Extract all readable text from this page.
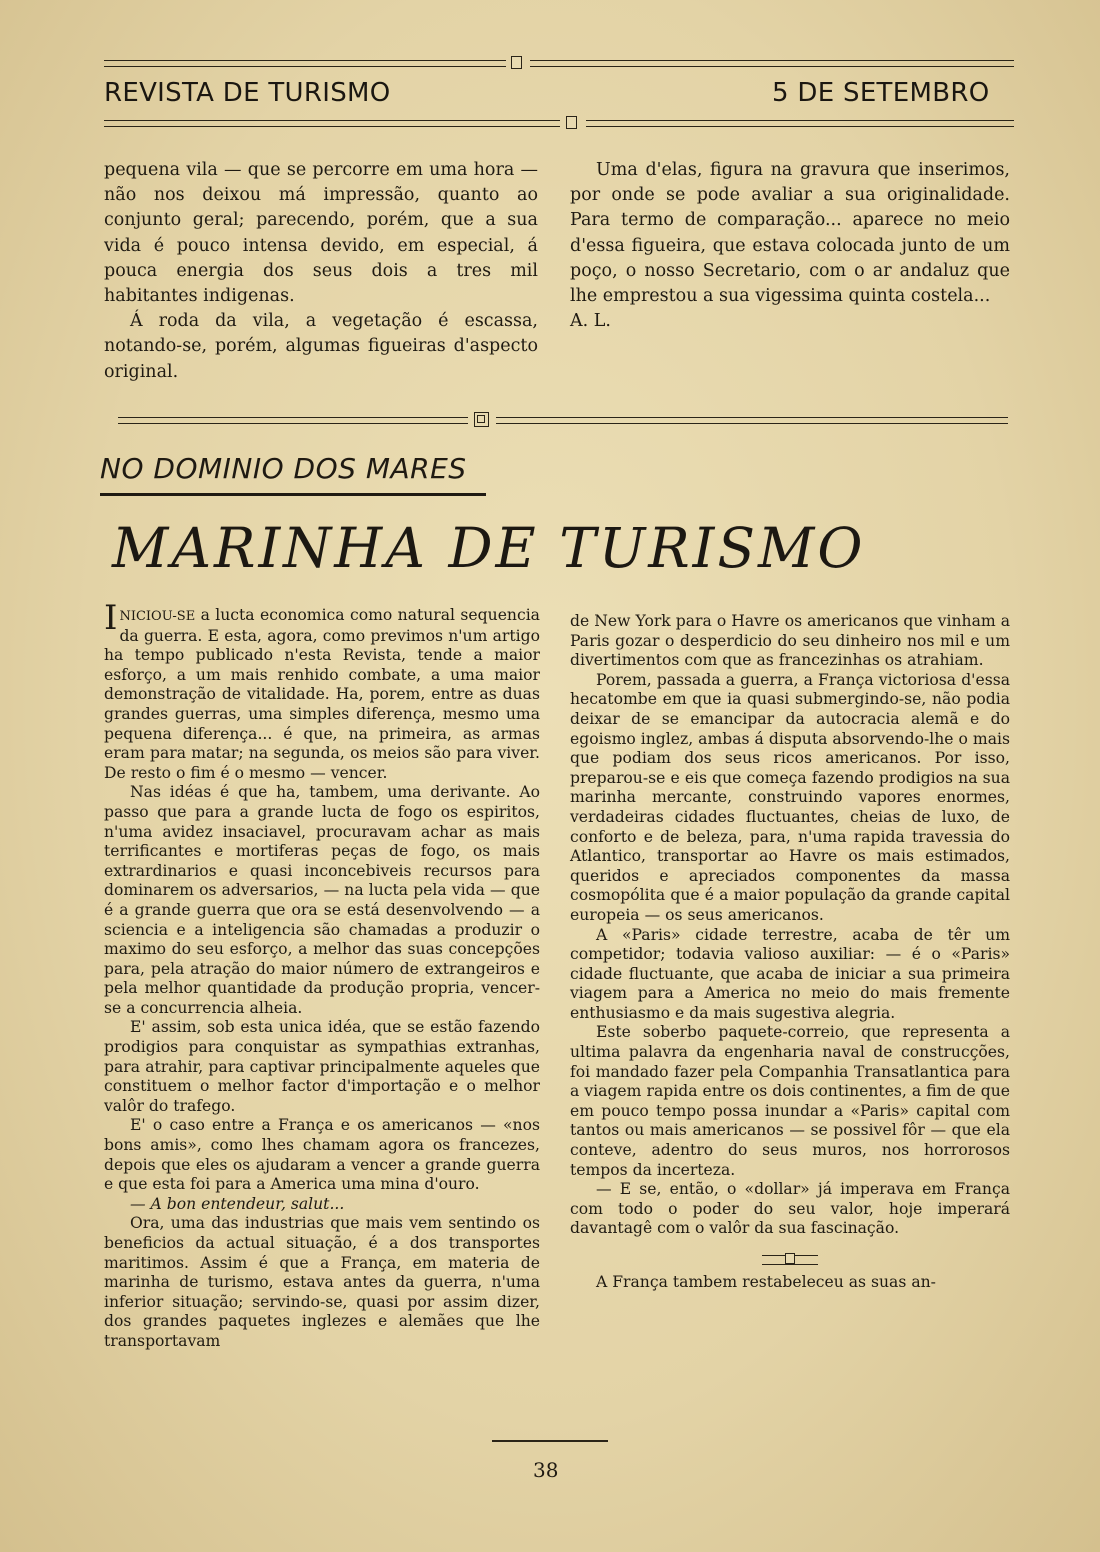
REVISTA DE TURISMO	5 DE SETEMBRO

pequena vila — que se percorre em uma hora — não nos deixou má impressão, quanto ao conjunto geral; parecendo, porém, que a sua vida é pouco intensa devido, em especial, á pouca energia dos seus dois a tres mil habitantes indigenas.

Á roda da vila, a vegetação é escassa, notando-se, porém, algumas figueiras d'aspecto original.

Uma d'elas, figura na gravura que inserimos, por onde se pode avaliar a sua originalidade. Para termo de comparação... aparece no meio d'essa figueira, que estava colocada junto de um poço, o nosso Secretario, com o ar andaluz que lhe emprestou a sua vigessima quinta costela...

A. L.

NO DOMINIO DOS MARES
MARINHA DE TURISMO

INICIOU-SE a lucta economica como natural sequencia da guerra. E esta, agora, como previmos n'um artigo ha tempo publicado n'esta Revista, tende a maior esforço, a um mais renhido combate, a uma maior demonstração de vitalidade. Ha, porem, entre as duas grandes guerras, uma simples diferença, mesmo uma pequena diferença... é que, na primeira, as armas eram para matar; na segunda, os meios são para viver. De resto o fim é o mesmo — vencer.

Nas idéas é que ha, tambem, uma derivante. Ao passo que para a grande lucta de fogo os espiritos, n'uma avidez insaciavel, procuravam achar as mais terrificantes e mortiferas peças de fogo, os mais extrardinarios e quasi inconcebiveis recursos para dominarem os adversarios, — na lucta pela vida — que é a grande guerra que ora se está desenvolvendo — a sciencia e a inteligencia são chamadas a produzir o maximo do seu esforço, a melhor das suas concepções para, pela atração do maior número de extrangeiros e pela melhor quantidade da produção propria, vencer-se a concurrencia alheia.

E' assim, sob esta unica idéa, que se estão fazendo prodigios para conquistar as sympathias extranhas, para atrahir, para captivar principalmente aqueles que constituem o melhor factor d'importação e o melhor valôr do trafego.

E' o caso entre a França e os americanos — «nos bons amis», como lhes chamam agora os francezes, depois que eles os ajudaram a vencer a grande guerra e que esta foi para a America uma mina d'ouro.

— A bon entendeur, salut...

Ora, uma das industrias que mais vem sentindo os beneficios da actual situação, é a dos transportes maritimos. Assim é que a França, em materia de marinha de turismo, estava antes da guerra, n'uma inferior situação; servindo-se, quasi por assim dizer, dos grandes paquetes inglezes e alemães que lhe transportavam

de New York para o Havre os americanos que vinham a Paris gozar o desperdicio do seu dinheiro nos mil e um divertimentos com que as francezinhas os atrahiam.

Porem, passada a guerra, a França victoriosa d'essa hecatombe em que ia quasi submergindo-se, não podia deixar de se emancipar da autocracia alemã e do egoismo inglez, ambas á disputa absorvendo-lhe o mais que podiam dos seus ricos americanos. Por isso, preparou-se e eis que começa fazendo prodigios na sua marinha mercante, construindo vapores enormes, verdadeiras cidades fluctuantes, cheias de luxo, de conforto e de beleza, para, n'uma rapida travessia do Atlantico, transportar ao Havre os mais estimados, queridos e apreciados componentes da massa cosmopólita que é a maior população da grande capital europeia — os seus americanos.

A «Paris» cidade terrestre, acaba de têr um competidor; todavia valioso auxiliar: — é o «Paris» cidade fluctuante, que acaba de iniciar a sua primeira viagem para a America no meio do mais fremente enthusiasmo e da mais sugestiva alegria.

Este soberbo paquete-correio, que representa a ultima palavra da engenharia naval de construcções, foi mandado fazer pela Companhia Transatlantica para a viagem rapida entre os dois continentes, a fim de que em pouco tempo possa inundar a «Paris» capital com tantos ou mais americanos — se possivel fôr — que ela conteve, adentro do seus muros, nos horrorosos tempos da incerteza.

— E se, então, o «dollar» já imperava em França com todo o poder do seu valor, hoje imperará davantagê com o valôr da sua fascinação.

A França tambem restabeleceu as suas an-

38
